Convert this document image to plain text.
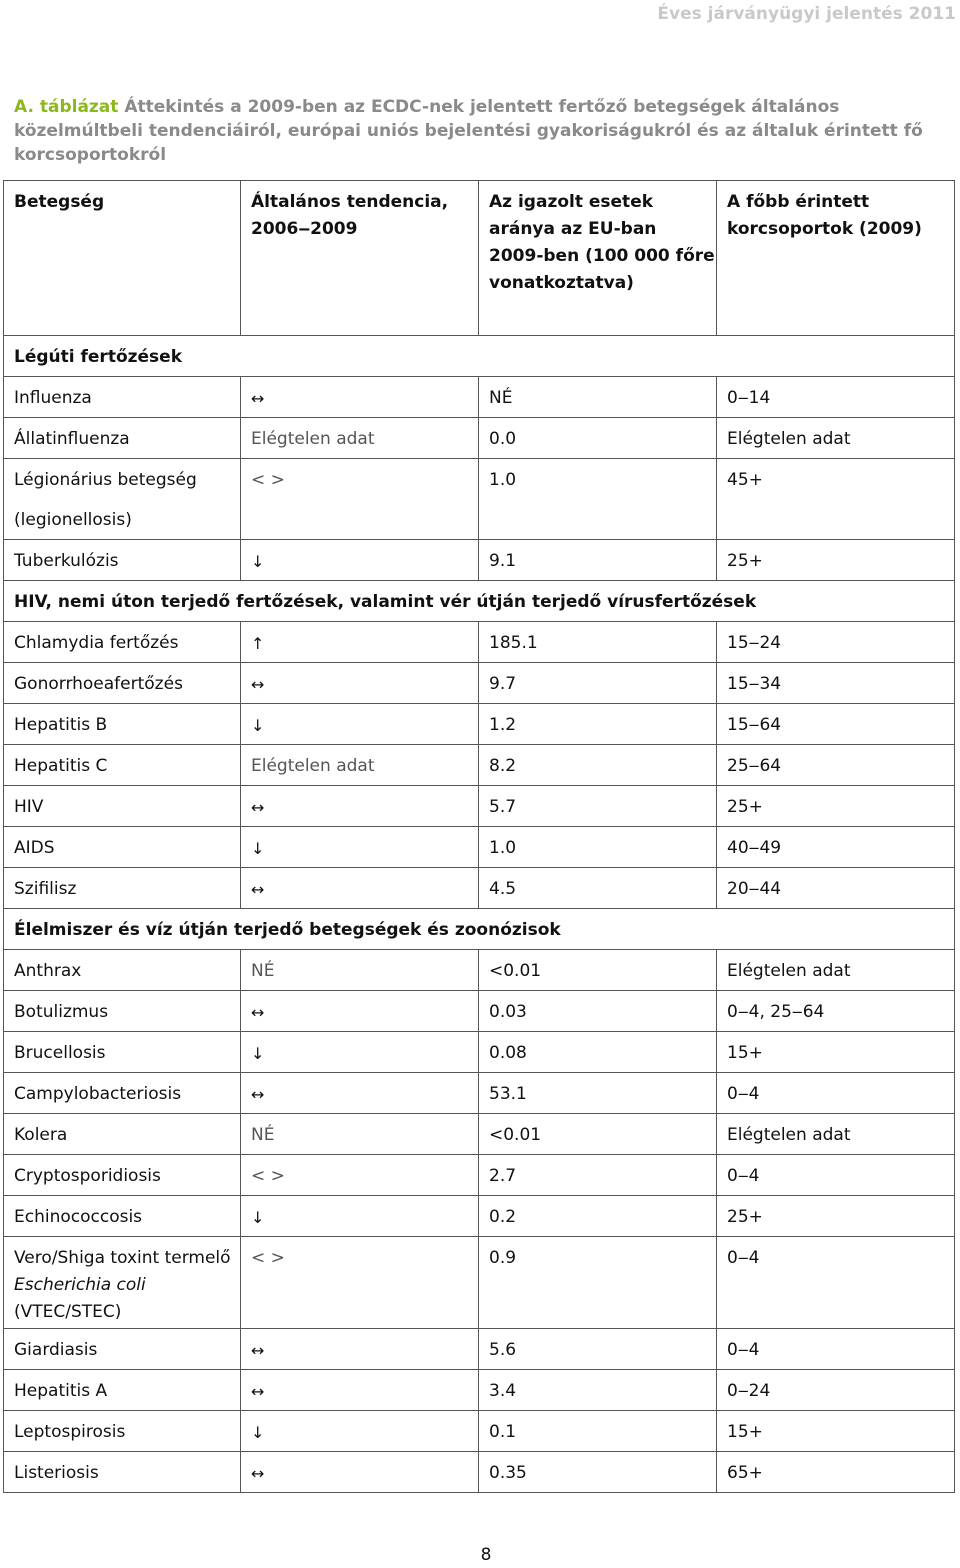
Éves járványügyi jelentés 2011
A. táblázat Áttekintés a 2009-ben az ECDC-nek jelentett fertőző betegségek általános közelmúltbeli tendenciáiról, európai uniós bejelentési gyakoriságukról és az általuk érintett fő korcsoportokról
Betegség	Általános tendencia, 2006‒2009	Az igazolt esetek aránya az EU-ban 2009-ben (100 000 főre vonatkoztatva)	A főbb érintett korcsoportok (2009)
Légúti fertőzések			
Influenza	↔	NÉ	0‒14
Állatinfluenza	Elégtelen adat	0.0	Elégtelen adat
Légionárius betegség
(legionellosis)	< >	1.0	45+
Tuberkulózis	↓	9.1	25+
HIV, nemi úton terjedő fertőzések, valamint vér útján terjedő vírusfertőzések			
Chlamydia fertőzés	↑	185.1	15‒24
Gonorrhoeafertőzés	↔	9.7	15‒34
Hepatitis B	↓	1.2	15‒64
Hepatitis C	Elégtelen adat	8.2	25‒64
HIV	↔	5.7	25+
AIDS	↓	1.0	40‒49
Szifilisz	↔	4.5	20‒44
Élelmiszer és víz útján terjedő betegségek és zoonózisok			
Anthrax	NÉ	<0.01	Elégtelen adat
Botulizmus	↔	0.03	0‒4, 25‒64
Brucellosis	↓	0.08	15+
Campylobacteriosis	↔	53.1	0‒4
Kolera	NÉ	<0.01	Elégtelen adat
Cryptosporidiosis	< >	2.7	0‒4
Echinococcosis	↓	0.2	25+
Vero/Shiga toxint termelő
Escherichia coli
(VTEC/STEC)	< >	0.9	0‒4
Giardiasis	↔	5.6	0‒4
Hepatitis A	↔	3.4	0‒24
Leptospirosis	↓	0.1	15+
Listeriosis	↔	0.35	65+
8
